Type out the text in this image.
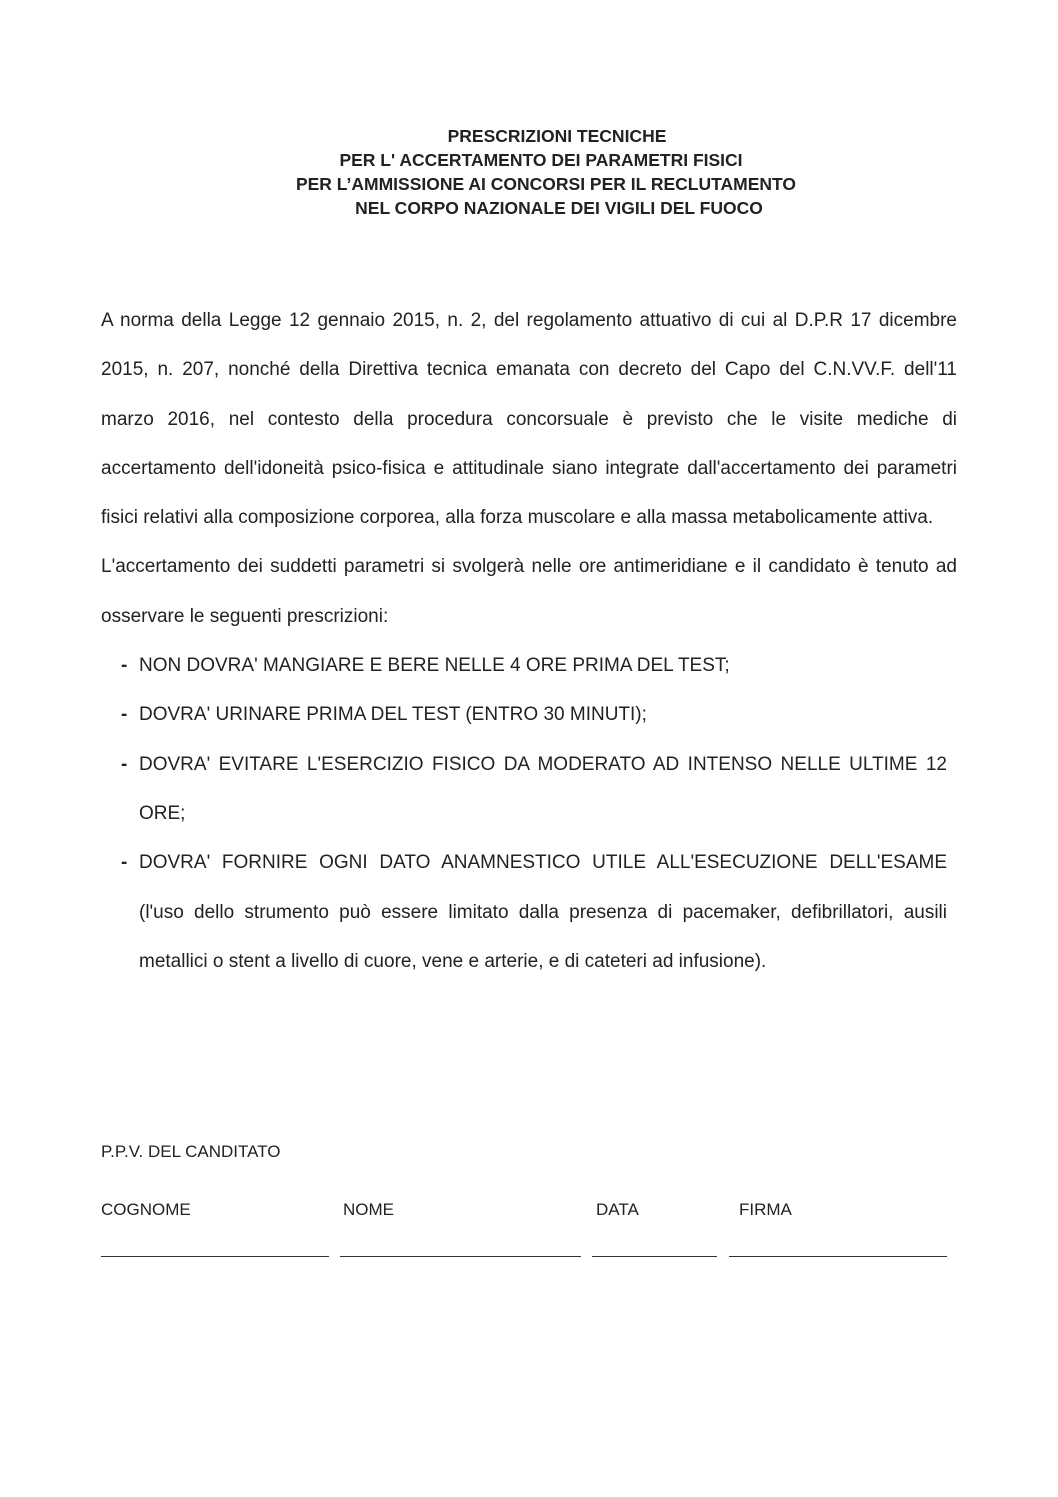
PRESCRIZIONI TECNICHE
PER L' ACCERTAMENTO DEI PARAMETRI FISICI
PER L’AMMISSIONE AI CONCORSI PER IL RECLUTAMENTO
NEL CORPO NAZIONALE DEI VIGILI DEL FUOCO

A norma della Legge 12 gennaio 2015, n. 2, del regolamento attuativo di cui al D.P.R 17 dicembre 2015, n. 207, nonché della Direttiva tecnica emanata con decreto del Capo del C.N.VV.F. dell'11 marzo 2016, nel contesto della procedura concorsuale è previsto che le visite mediche di accertamento dell'idoneità psico-fisica e attitudinale siano integrate dall'accertamento dei parametri fisici relativi alla composizione corporea, alla forza muscolare e alla massa metabolicamente attiva.

L'accertamento dei suddetti parametri si svolgerà nelle ore antimeridiane e il candidato è tenuto ad osservare le seguenti prescrizioni:

- NON DOVRA' MANGIARE E BERE NELLE 4 ORE PRIMA DEL TEST;
- DOVRA' URINARE PRIMA DEL TEST (ENTRO 30 MINUTI);
- DOVRA' EVITARE L'ESERCIZIO FISICO DA MODERATO AD INTENSO NELLE ULTIME 12 ORE;
- DOVRA' FORNIRE OGNI DATO ANAMNESTICO UTILE ALL'ESECUZIONE DELL'ESAME (l'uso dello strumento può essere limitato dalla presenza di pacemaker, defibrillatori, ausili metallici o stent a livello di cuore, vene e arterie, e di cateteri ad infusione).
P.P.V. DEL CANDITATO
COGNOME	NOME	DATA	FIRMA
